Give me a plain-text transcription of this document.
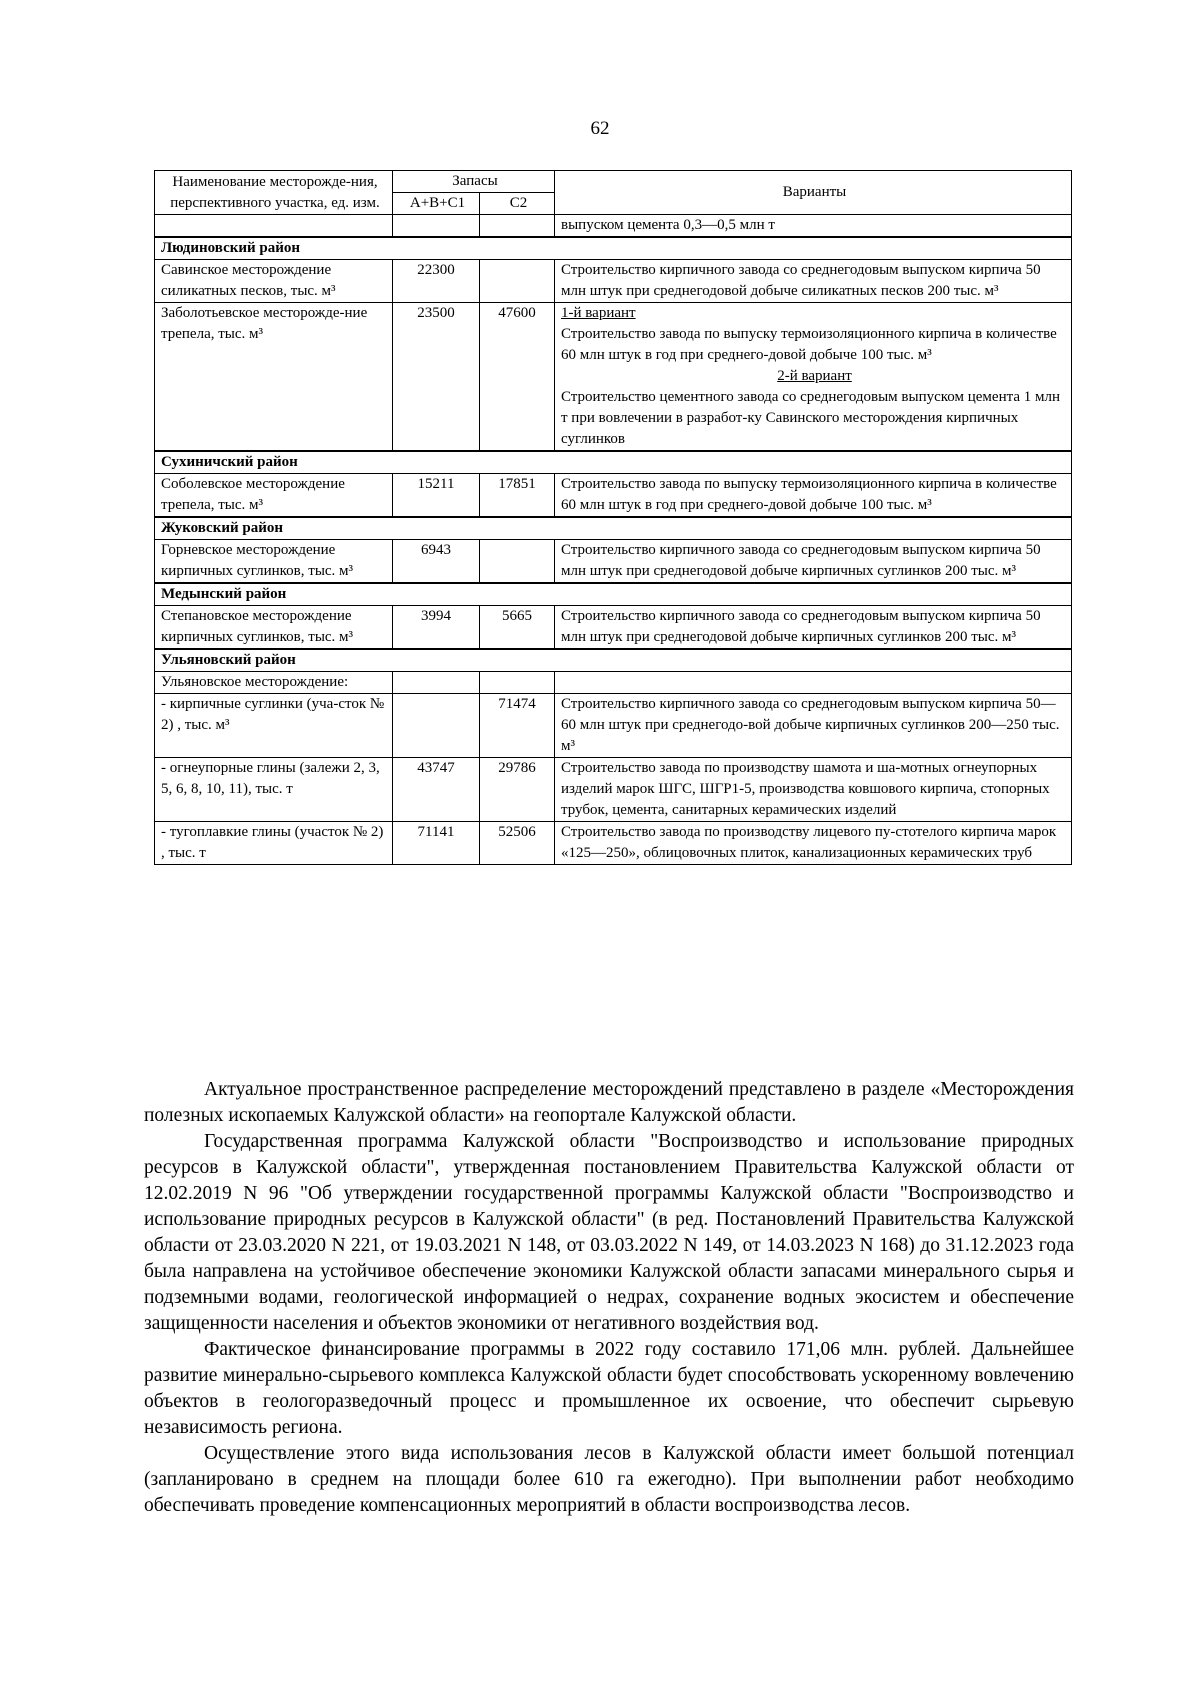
62
Наименование месторожде-ния, перспективного участка, ед. изм.	Запасы		Варианты
	A+B+C1	C2	
			выпуском цемента 0,3—0,5 млн т
Людиновский район			
Савинское месторождение силикатных песков, тыс. м³	22300		Строительство кирпичного завода со среднегодовым выпуском кирпича 50 млн штук при среднегодовой добыче силикатных песков 200 тыс. м³
Заболотьевское месторожде-ние трепела, тыс. м³	23500	47600	1-й вариант
Строительство завода по выпуску термоизоляционного кирпича в количестве 60 млн штук в год при среднего-довой добыче 100 тыс. м³
2-й вариант
Строительство цементного завода со среднегодовым выпуском цемента 1 млн т при вовлечении в разработ-ку Савинского месторождения кирпичных суглинков

Сухиничский район			
Соболевское месторождение трепела, тыс. м³	15211	17851	Строительство завода по выпуску термоизоляционного кирпича в количестве 60 млн штук в год при среднего-довой добыче 100 тыс. м³
Жуковский район			
Горневское месторождение кирпичных суглинков, тыс. м³	6943		Строительство кирпичного завода со среднегодовым выпуском кирпича 50 млн штук при среднегодовой добыче кирпичных суглинков 200 тыс. м³
Медынский район			
Степановское месторождение кирпичных суглинков, тыс. м³	3994	5665	Строительство кирпичного завода со среднегодовым выпуском кирпича 50 млн штук при среднегодовой добыче кирпичных суглинков 200 тыс. м³
Ульяновский район			
Ульяновское месторождение:			
- кирпичные суглинки (уча-сток № 2) , тыс. м³		71474	Строительство кирпичного завода со среднегодовым выпуском кирпича 50—60 млн штук при среднегодо-вой добыче кирпичных суглинков 200—250 тыс. м³
- огнеупорные глины (залежи 2, 3, 5, 6, 8, 10, 11), тыс. т	43747	29786	Строительство завода по производству шамота и ша-мотных огнеупорных изделий марок ШГС, ШГР1-5, производства ковшового кирпича, стопорных трубок, цемента, санитарных керамических изделий
- тугоплавкие глины (участок № 2) , тыс. т	71141	52506	Строительство завода по производству лицевого пу-стотелого кирпича марок «125—250», облицовочных плиток, канализационных керамических труб

Актуальное пространственное распределение месторождений представлено в разделе «Месторождения полезных ископаемых Калужской области» на геопортале Калужской области.

Государственная программа Калужской области "Воспроизводство и использование природных ресурсов в Калужской области", утвержденная постановлением Правительства Калужской области от 12.02.2019 N 96 "Об утверждении государственной программы Калужской области "Воспроизводство и использование природных ресурсов в Калужской области" (в ред. Постановлений Правительства Калужской области от 23.03.2020 N 221, от 19.03.2021 N 148, от 03.03.2022 N 149, от 14.03.2023 N 168) до 31.12.2023 года была направлена на устойчивое обеспечение экономики Калужской области запасами минерального сырья и подземными водами, геологической информацией о недрах, сохранение водных экосистем и обеспечение защищенности населения и объектов экономики от негативного воздействия вод.

Фактическое финансирование программы в 2022 году составило 171,06 млн. рублей. Дальнейшее развитие минерально-сырьевого комплекса Калужской области будет способствовать ускоренному вовлечению объектов в геологоразведочный процесс и промышленное их освоение, что обеспечит сырьевую независимость региона.

Осуществление этого вида использования лесов в Калужской области имеет большой потенциал (запланировано в среднем на площади более 610 га ежегодно). При выполнении работ необходимо обеспечивать проведение компенсационных мероприятий в области воспроизводства лесов.
